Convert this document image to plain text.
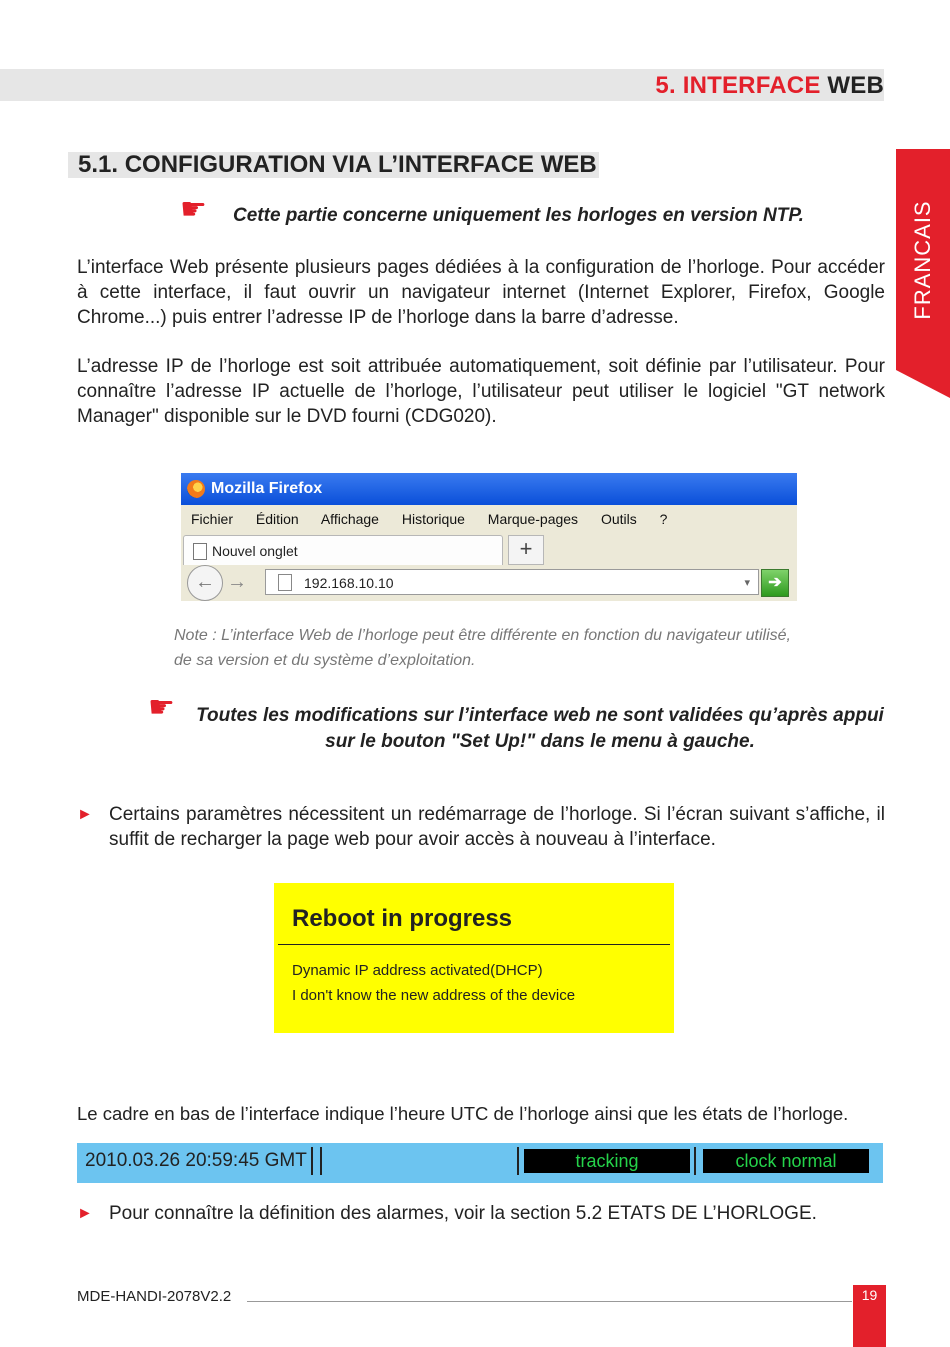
5. INTERFACE WEB
FRANCAIS
5.1. CONFIGURATION VIA L’INTERFACE WEB
☛ Cette partie concerne uniquement les horloges en version NTP.

L’interface Web présente plusieurs pages dédiées à la configuration de l’horloge. Pour accéder à cette interface, il faut ouvrir un navigateur internet (Internet Explorer, Firefox, Google Chrome...) puis entrer l’adresse IP de l’horloge dans la barre d’adresse.

L’adresse IP de l’horloge est soit attribuée automatiquement, soit définie par l’utilisateur. Pour connaître l’adresse IP actuelle de l’horloge, l’utilisateur peut utiliser le logiciel "GT network Manager" disponible sur le DVD fourni (CDG020).

Mozilla Firefox
Fichier Édition Affichage Historique Marque-pages Outils ?
Nouvel onglet	+
← →	192.168.10.10	▾	➔

Note : L’interface Web de l’horloge peut être différente en fonction du navigateur utilisé, de sa version et du système d’exploitation.

☛	Toutes les modifications sur l’interface web ne sont validées qu’après appui sur le bouton "Set Up!" dans le menu à gauche.

► Certains paramètres nécessitent un redémarrage de l’horloge. Si l’écran suivant s’affiche, il suffit de recharger la page web pour avoir accès à nouveau à l’interface.

Reboot in progress
Dynamic IP address activated(DHCP)
I don't know the new address of the device

Le cadre en bas de l’interface indique l’heure UTC de l’horloge ainsi que les états de l’horloge.

2010.03.26 20:59:45 GMT	tracking	clock normal

► Pour connaître la définition des alarmes, voir la section 5.2 ETATS DE L’HORLOGE.

MDE-HANDI-2078V2.2	19
